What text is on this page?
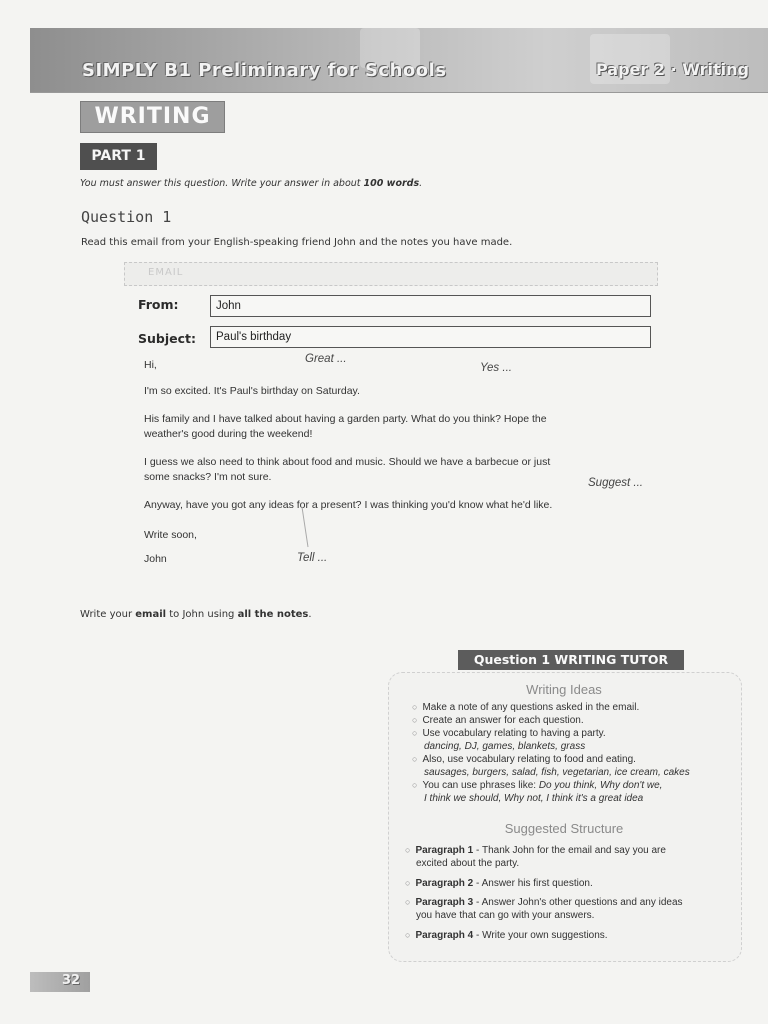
SIMPLY B1 Preliminary for Schools	Paper 2 · Writing
WRITING
PART 1
You must answer this question. Write your answer in about 100 words.
Question 1
Read this email from your English-speaking friend John and the notes you have made.
EMAIL
From:	John
Subject:	Paul's birthday
Hi,
I'm so excited. It's Paul's birthday on Saturday.
His family and I have talked about having a garden party. What do you think? Hope the
weather's good during the weekend!
I guess we also need to think about food and music. Should we have a barbecue or just
some snacks? I'm not sure.
Anyway, have you got any ideas for a present? I was thinking you'd know what he'd like.
Write soon,
John
Great ...
Yes ...
Suggest ...
Tell ...
Write your email to John using all the notes.
Question 1 WRITING TUTOR
Writing Ideas
○ Make a note of any questions asked in the email.
○ Create an answer for each question.
○ Use vocabulary relating to having a party.
dancing, DJ, games, blankets, grass
○ Also, use vocabulary relating to food and eating.
sausages, burgers, salad, fish, vegetarian, ice cream, cakes
○ You can use phrases like: Do you think, Why don't we,
I think we should, Why not, I think it's a great idea
Suggested Structure
○ Paragraph 1 - Thank John for the email and say you are
excited about the party.
○ Paragraph 2 - Answer his first question.
○ Paragraph 3 - Answer John's other questions and any ideas
you have that can go with your answers.
○ Paragraph 4 - Write your own suggestions.
32
